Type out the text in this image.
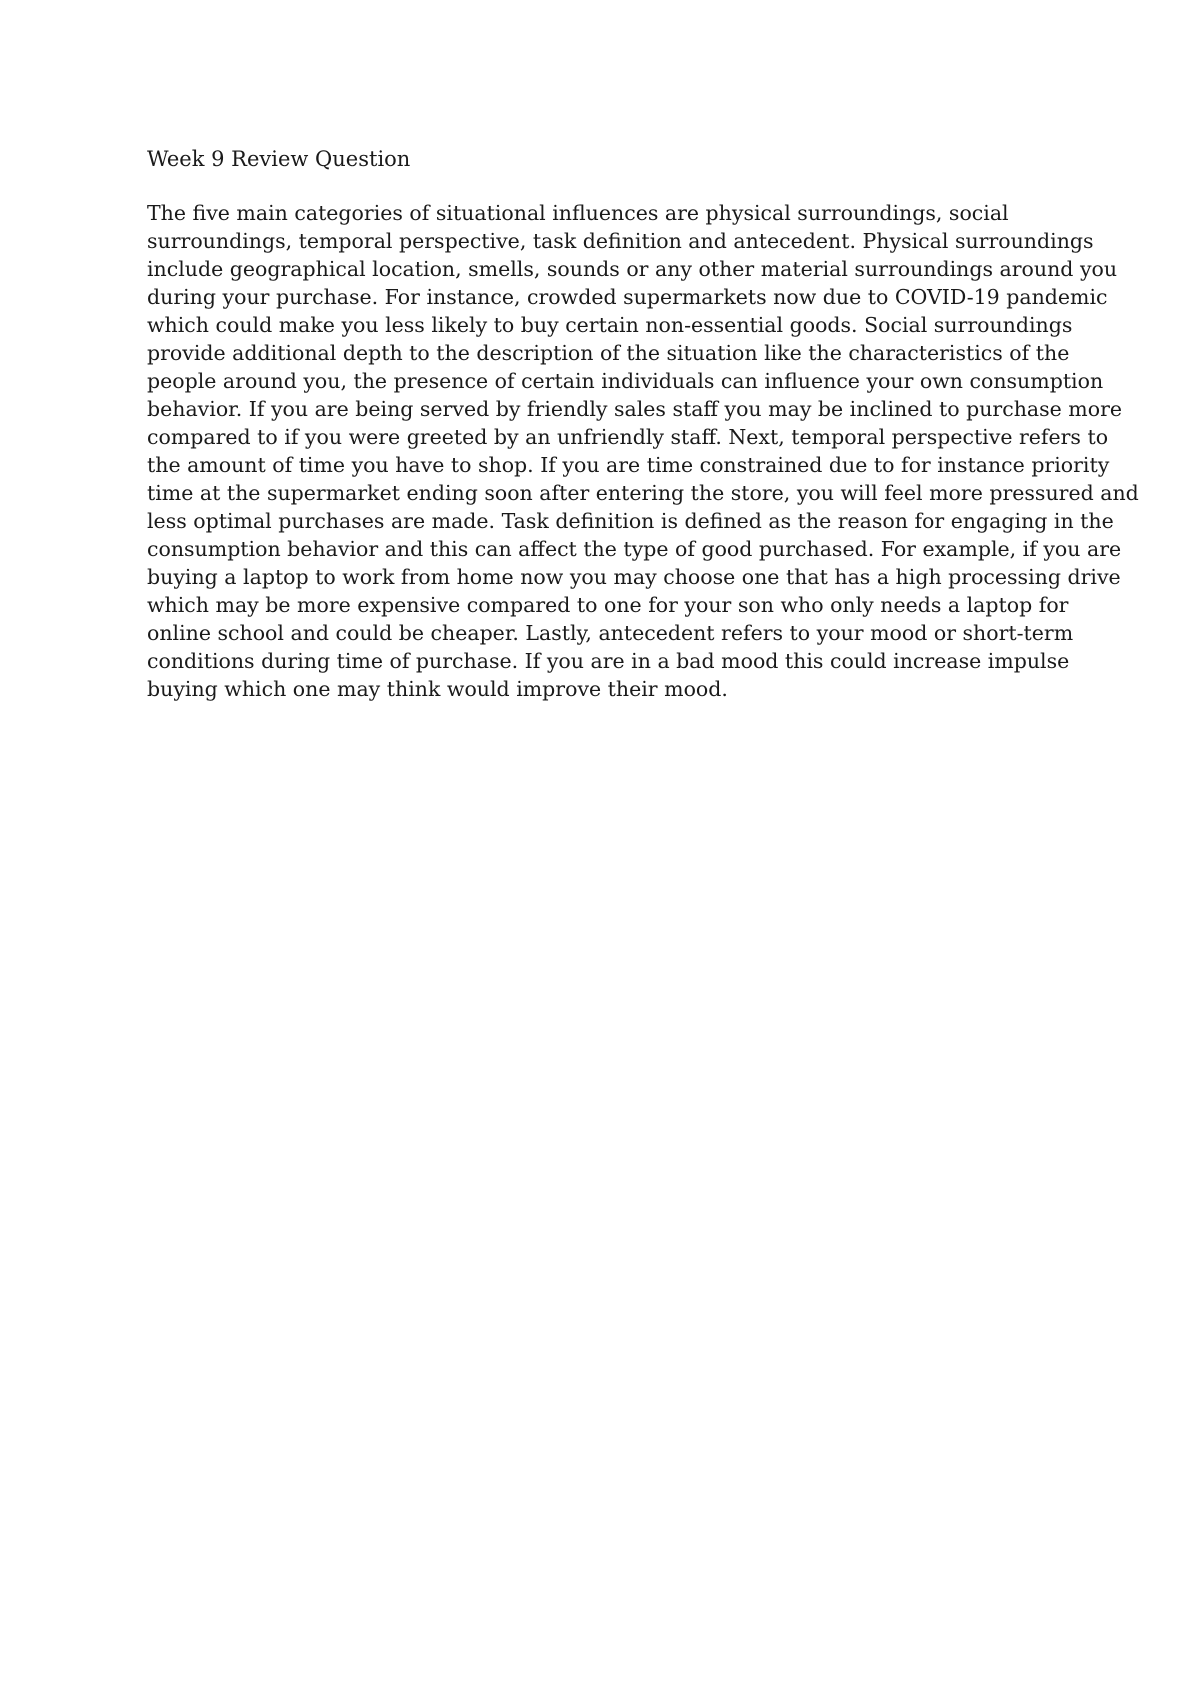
Week 9 Review Question

The five main categories of situational influences are physical surroundings, social
surroundings, temporal perspective, task definition and antecedent. Physical surroundings
include geographical location, smells, sounds or any other material surroundings around you
during your purchase. For instance, crowded supermarkets now due to COVID-19 pandemic
which could make you less likely to buy certain non-essential goods. Social surroundings
provide additional depth to the description of the situation like the characteristics of the
people around you, the presence of certain individuals can influence your own consumption
behavior. If you are being served by friendly sales staff you may be inclined to purchase more
compared to if you were greeted by an unfriendly staff. Next, temporal perspective refers to
the amount of time you have to shop. If you are time constrained due to for instance priority
time at the supermarket ending soon after entering the store, you will feel more pressured and
less optimal purchases are made. Task definition is defined as the reason for engaging in the
consumption behavior and this can affect the type of good purchased. For example, if you are
buying a laptop to work from home now you may choose one that has a high processing drive
which may be more expensive compared to one for your son who only needs a laptop for
online school and could be cheaper. Lastly, antecedent refers to your mood or short-term
conditions during time of purchase. If you are in a bad mood this could increase impulse
buying which one may think would improve their mood.
